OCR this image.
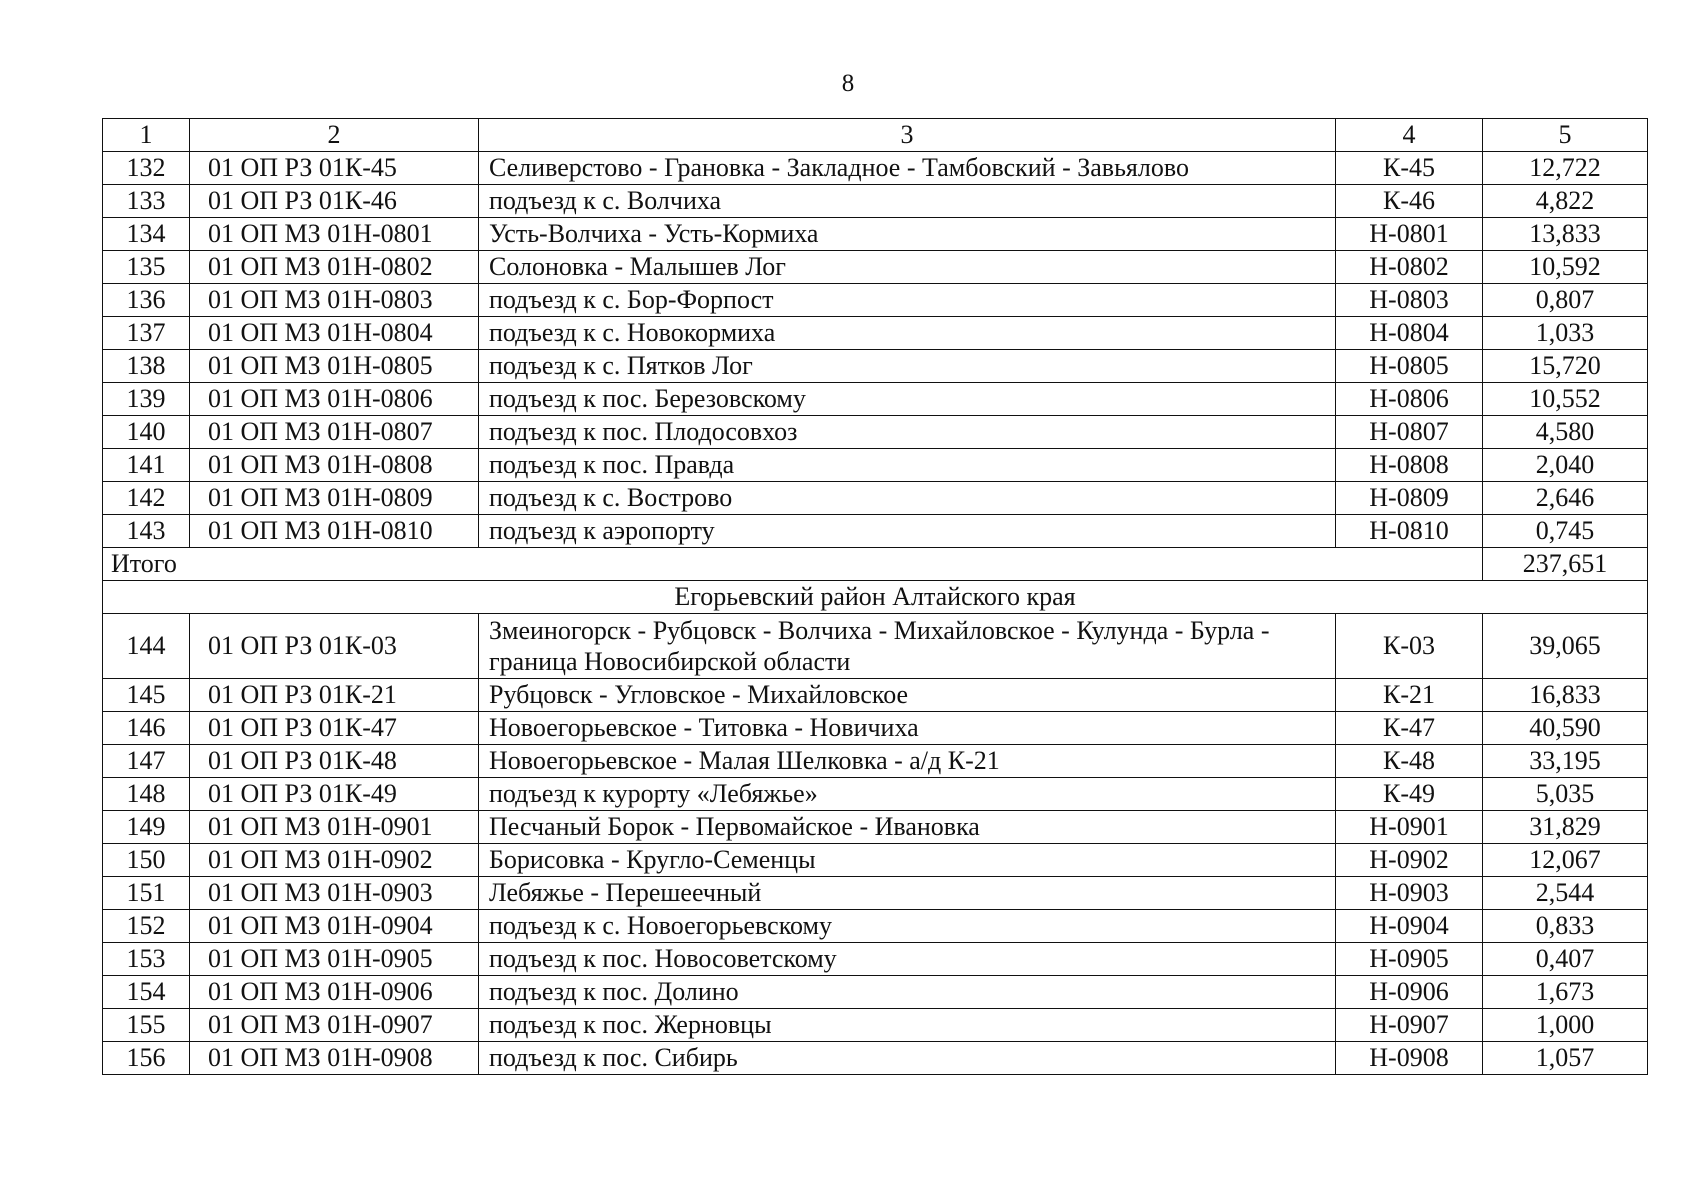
8
1	2	3	4	5
132	01 ОП РЗ 01К-45	Селиверстово - Грановка - Закладное - Тамбовский - Завьялово	К-45	12,722
133	01 ОП РЗ 01К-46	подъезд к с. Волчиха	К-46	4,822
134	01 ОП МЗ 01Н-0801	Усть-Волчиха - Усть-Кормиха	Н-0801	13,833
135	01 ОП МЗ 01Н-0802	Солоновка - Малышев Лог	Н-0802	10,592
136	01 ОП МЗ 01Н-0803	подъезд к с. Бор-Форпост	Н-0803	0,807
137	01 ОП МЗ 01Н-0804	подъезд к с. Новокормиха	Н-0804	1,033
138	01 ОП МЗ 01Н-0805	подъезд к с. Пятков Лог	Н-0805	15,720
139	01 ОП МЗ 01Н-0806	подъезд к пос. Березовскому	Н-0806	10,552
140	01 ОП МЗ 01Н-0807	подъезд к пос. Плодосовхоз	Н-0807	4,580
141	01 ОП МЗ 01Н-0808	подъезд к пос. Правда	Н-0808	2,040
142	01 ОП МЗ 01Н-0809	подъезд к с. Вострово	Н-0809	2,646
143	01 ОП МЗ 01Н-0810	подъезд к аэропорту	Н-0810	0,745
Итого				237,651
Егорьевский район Алтайского края				
144	01 ОП РЗ 01К-03	Змеиногорск - Рубцовск - Волчиха - Михайловское - Кулунда - Бурла - граница Новосибирской области	К-03	39,065
145	01 ОП РЗ 01К-21	Рубцовск - Угловское - Михайловское	К-21	16,833
146	01 ОП РЗ 01К-47	Новоегорьевское - Титовка - Новичиха	К-47	40,590
147	01 ОП РЗ 01К-48	Новоегорьевское - Малая Шелковка - а/д К-21	К-48	33,195
148	01 ОП РЗ 01К-49	подъезд к курорту «Лебяжье»	К-49	5,035
149	01 ОП МЗ 01Н-0901	Песчаный Борок - Первомайское - Ивановка	Н-0901	31,829
150	01 ОП МЗ 01Н-0902	Борисовка - Кругло-Семенцы	Н-0902	12,067
151	01 ОП МЗ 01Н-0903	Лебяжье - Перешеечный	Н-0903	2,544
152	01 ОП МЗ 01Н-0904	подъезд к с. Новоегорьевскому	Н-0904	0,833
153	01 ОП МЗ 01Н-0905	подъезд к пос. Новосоветскому	Н-0905	0,407
154	01 ОП МЗ 01Н-0906	подъезд к пос. Долино	Н-0906	1,673
155	01 ОП МЗ 01Н-0907	подъезд к пос. Жерновцы	Н-0907	1,000
156	01 ОП МЗ 01Н-0908	подъезд к пос. Сибирь	Н-0908	1,057
